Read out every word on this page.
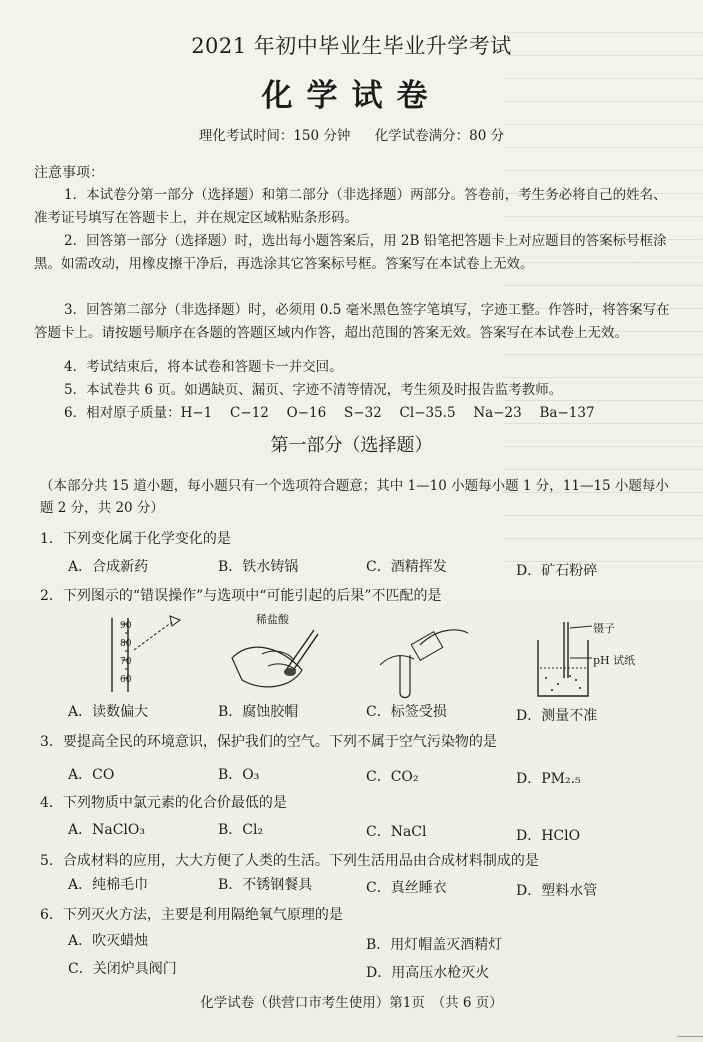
2021 年初中毕业生毕业升学考试
化学试卷
理化考试时间：150 分钟 化学试卷满分：80 分
注意事项：
1．本试卷分第一部分（选择题）和第二部分（非选择题）两部分。答卷前，考生务必将自己的姓名、准考证号填写在答题卡上，并在规定区域粘贴条形码。
2．回答第一部分（选择题）时，选出每小题答案后，用 2B 铅笔把答题卡上对应题目的答案标号框涂黑。如需改动，用橡皮擦干净后，再选涂其它答案标号框。答案写在本试卷上无效。
3．回答第二部分（非选择题）时，必须用 0.5 毫米黑色签字笔填写，字迹工整。作答时，将答案写在答题卡上。请按题号顺序在各题的答题区域内作答，超出范围的答案无效。答案写在本试卷上无效。
4．考试结束后，将本试卷和答题卡一并交回。
5．本试卷共 6 页。如遇缺页、漏页、字迹不清等情况，考生须及时报告监考教师。
6．相对原子质量：H−1　 C−12　 O−16　 S−32　 Cl−35.5　 Na−23　 Ba−137
第一部分（选择题）
（本部分共 15 道小题，每小题只有一个选项符合题意；其中 1—10 小题每小题 1 分，11—15 小题每小题 2 分，共 20 分）
1．下列变化属于化学变化的是
A．合成新药	B．铁水铸锅	C．酒精挥发	D．矿石粉碎
2．下列图示的“错误操作”与选项中“可能引起的后果”不匹配的是
90
80
70
60
稀盐酸
镊子
pH 试纸
A．读数偏大	B．腐蚀胶帽	C．标签受损	D．测量不准
3．要提高全民的环境意识，保护我们的空气。下列不属于空气污染物的是
A．CO	B．O₃	C．CO₂	D．PM₂.₅
4．下列物质中氯元素的化合价最低的是
A．NaClO₃	B．Cl₂	C．NaCl	D．HClO
5．合成材料的应用，大大方便了人类的生活。下列生活用品由合成材料制成的是
A．纯棉毛巾	B．不锈钢餐具	C．真丝睡衣	D．塑料水管
6．下列灭火方法，主要是利用隔绝氧气原理的是
A．吹灭蜡烛	B．用灯帽盖灭酒精灯
C．关闭炉具阀门	D．用高压水枪灭火
化学试卷（供营口市考生使用）第1页　（共 6 页）
